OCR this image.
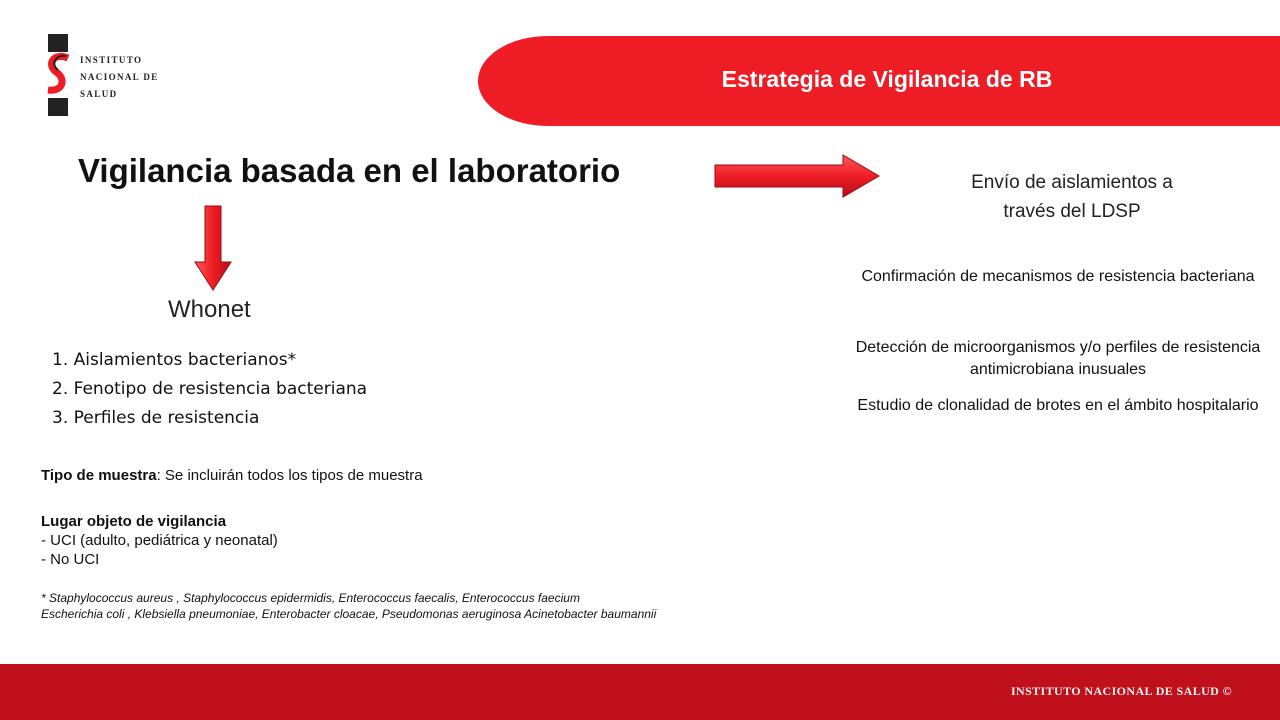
INSTITUTO
NACIONAL DE
SALUD
Estrategia de Vigilancia de RB
Vigilancia basada en el laboratorio
Whonet
1. Aislamientos bacterianos*
2. Fenotipo de resistencia bacteriana
3. Perfiles de resistencia
Tipo de muestra: Se incluirán todos los tipos de muestra
Lugar objeto de vigilancia
- UCI (adulto, pediátrica y neonatal)
- No UCI
* Staphylococcus aureus , Staphylococcus epidermidis, Enterococcus faecalis, Enterococcus faecium
Escherichia coli , Klebsiella pneumoniae, Enterobacter cloacae, Pseudomonas aeruginosa Acinetobacter baumannii
Envío de aislamientos a
través del LDSP
Confirmación de mecanismos de resistencia bacteriana
Detección de microorganismos y/o perfiles de resistencia antimicrobiana inusuales
Estudio de clonalidad de brotes en el ámbito hospitalario
INSTITUTO NACIONAL DE SALUD ©
